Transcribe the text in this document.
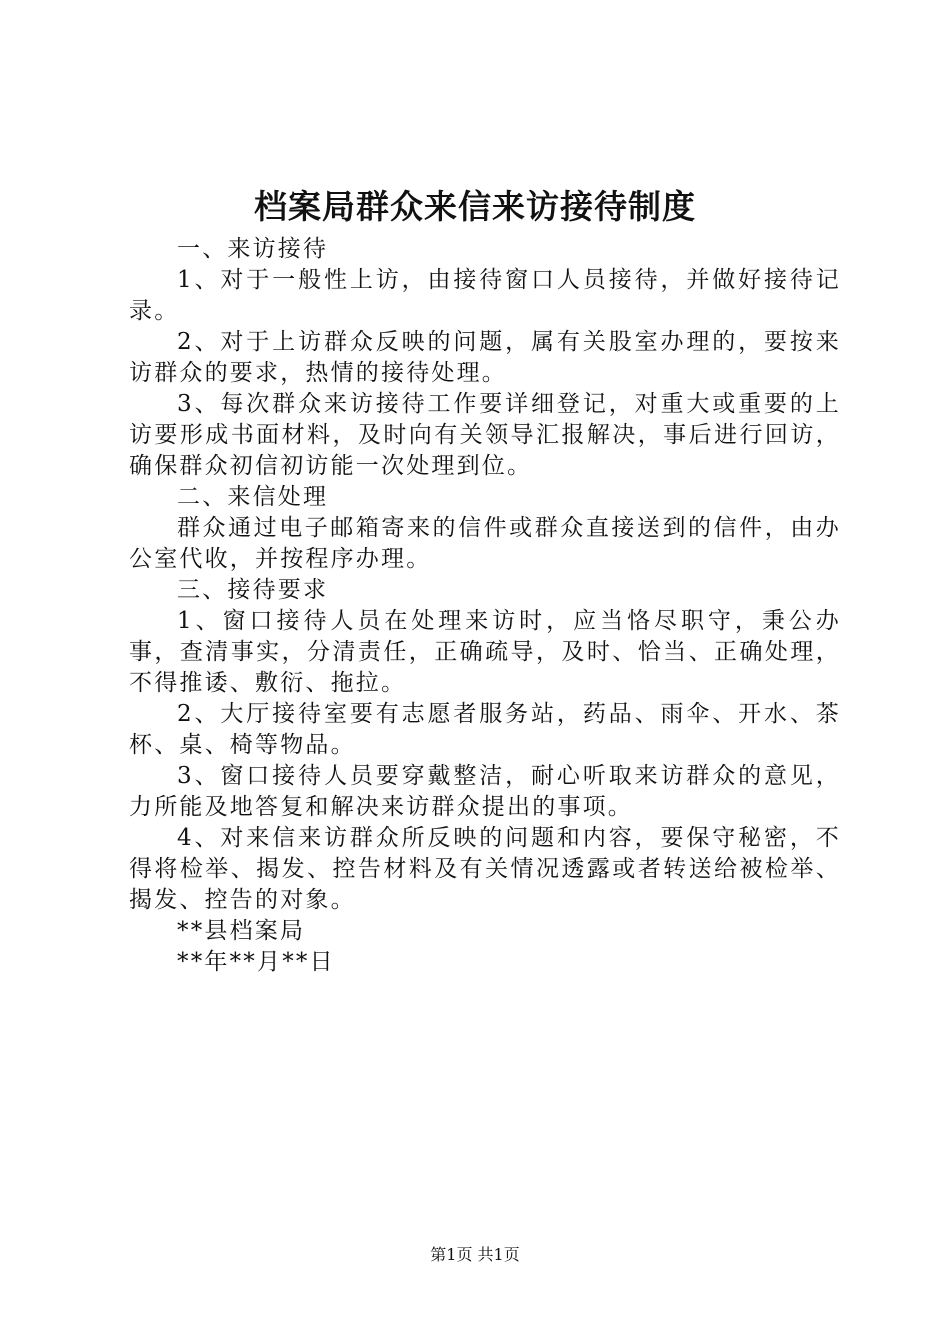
档案局群众来信来访接待制度

一、来访接待

1、对于一般性上访，由接待窗口人员接待，并做好接待记录。

2、对于上访群众反映的问题，属有关股室办理的，要按来访群众的要求，热情的接待处理。

3、每次群众来访接待工作要详细登记，对重大或重要的上访要形成书面材料，及时向有关领导汇报解决，事后进行回访，确保群众初信初访能一次处理到位。

二、来信处理

群众通过电子邮箱寄来的信件或群众直接送到的信件，由办公室代收，并按程序办理。

三、接待要求

1、窗口接待人员在处理来访时，应当恪尽职守，秉公办事，查清事实，分清责任，正确疏导，及时、恰当、正确处理，不得推诿、敷衍、拖拉。

2、大厅接待室要有志愿者服务站，药品、雨伞、开水、茶杯、桌、椅等物品。

3、窗口接待人员要穿戴整洁，耐心听取来访群众的意见，力所能及地答复和解决来访群众提出的事项。

4、对来信来访群众所反映的问题和内容，要保守秘密，不得将检举、揭发、控告材料及有关情况透露或者转送给被检举、揭发、控告的对象。

**县档案局

**年**月**日

第1页 共1页
